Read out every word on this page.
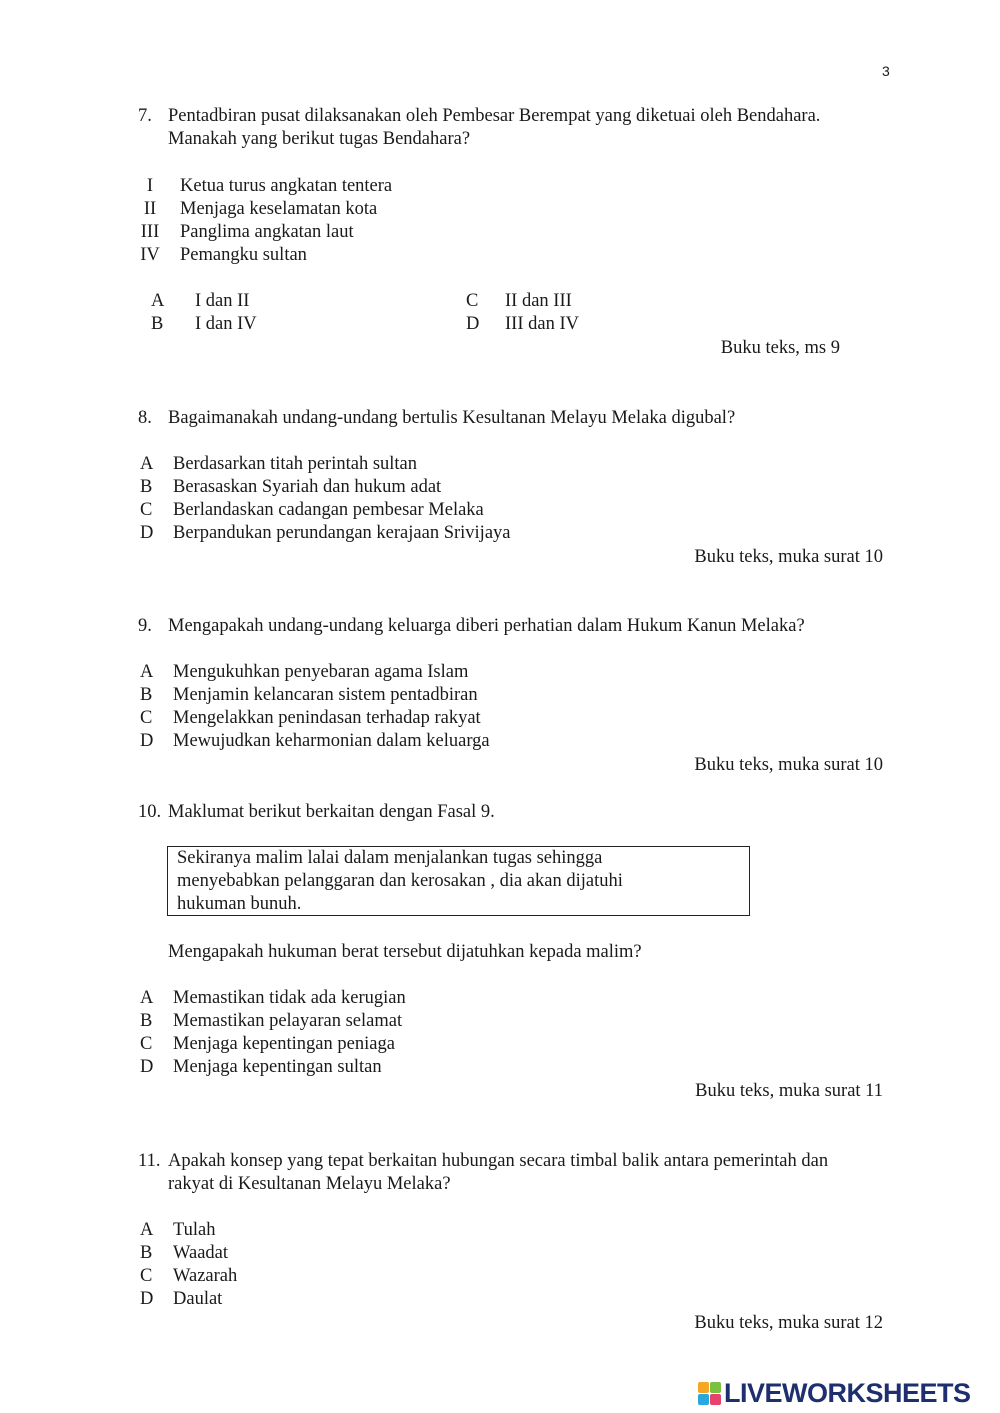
3
7. Pentadbiran pusat dilaksanakan oleh Pembesar Berempat yang diketuai oleh Bendahara.
Manakah yang berikut tugas Bendahara?
I	Ketua turus angkatan tentera
II	Menjaga keselamatan kota
III Panglima angkatan laut
IV Pemangku sultan
A I dan II
B I dan IV
C II dan III
D III dan IV
Buku teks, ms 9
8. Bagaimanakah undang-undang bertulis Kesultanan Melayu Melaka digubal?
A Berdasarkan titah perintah sultan
B Berasaskan Syariah dan hukum adat
C Berlandaskan cadangan pembesar Melaka
D Berpandukan perundangan kerajaan Srivijaya
Buku teks, muka surat 10
9. Mengapakah undang-undang keluarga diberi perhatian dalam Hukum Kanun Melaka?
A Mengukuhkan penyebaran agama Islam
B Menjamin kelancaran sistem pentadbiran
C Mengelakkan penindasan terhadap rakyat
D Mewujudkan keharmonian dalam keluarga
Buku teks, muka surat 10
10. Maklumat berikut berkaitan dengan Fasal 9.
Sekiranya malim lalai dalam menjalankan tugas sehingga
menyebabkan pelanggaran dan kerosakan , dia akan dijatuhi
hukuman bunuh.
Mengapakah hukuman berat tersebut dijatuhkan kepada malim?
A Memastikan tidak ada kerugian
B Memastikan pelayaran selamat
C Menjaga kepentingan peniaga
D Menjaga kepentingan sultan
Buku teks, muka surat 11
11. Apakah konsep yang tepat berkaitan hubungan secara timbal balik antara pemerintah dan
rakyat di Kesultanan Melayu Melaka?
A Tulah
B Waadat
C Wazarah
D Daulat
Buku teks, muka surat 12
LIVEWORKSHEETS
